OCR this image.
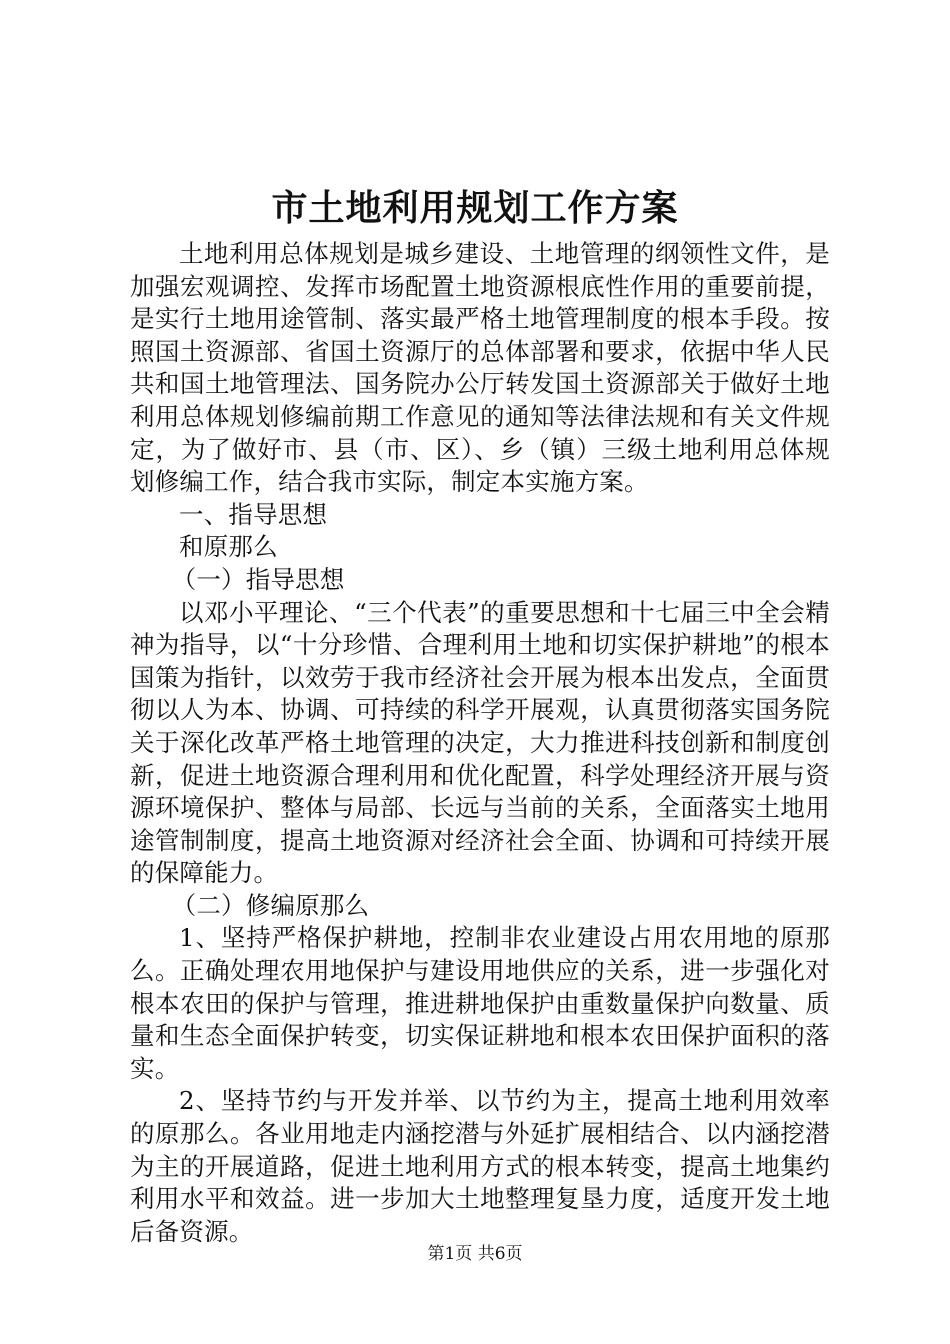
市土地利用规划工作方案

土地利用总体规划是城乡建设、土地管理的纲领性文件，是加强宏观调控、发挥市场配置土地资源根底性作用的重要前提，是实行土地用途管制、落实最严格土地管理制度的根本手段。按照国土资源部、省国土资源厅的总体部署和要求，依据中华人民共和国土地管理法、国务院办公厅转发国土资源部关于做好土地利用总体规划修编前期工作意见的通知等法律法规和有关文件规定，为了做好市、县（市、区）、乡（镇）三级土地利用总体规划修编工作，结合我市实际，制定本实施方案。

一、指导思想

和原那么

（一）指导思想

以邓小平理论、“三个代表”的重要思想和十七届三中全会精神为指导，以“十分珍惜、合理利用土地和切实保护耕地”的根本国策为指针，以效劳于我市经济社会开展为根本出发点，全面贯彻以人为本、协调、可持续的科学开展观，认真贯彻落实国务院关于深化改革严格土地管理的决定，大力推进科技创新和制度创新，促进土地资源合理利用和优化配置，科学处理经济开展与资源环境保护、整体与局部、长远与当前的关系，全面落实土地用途管制制度，提高土地资源对经济社会全面、协调和可持续开展的保障能力。

（二）修编原那么

1、坚持严格保护耕地，控制非农业建设占用农用地的原那么。正确处理农用地保护与建设用地供应的关系，进一步强化对根本农田的保护与管理，推进耕地保护由重数量保护向数量、质量和生态全面保护转变，切实保证耕地和根本农田保护面积的落实。

2、坚持节约与开发并举、以节约为主，提高土地利用效率的原那么。各业用地走内涵挖潜与外延扩展相结合、以内涵挖潜为主的开展道路，促进土地利用方式的根本转变，提高土地集约利用水平和效益。进一步加大土地整理复垦力度，适度开发土地后备资源。

第1页 共6页
